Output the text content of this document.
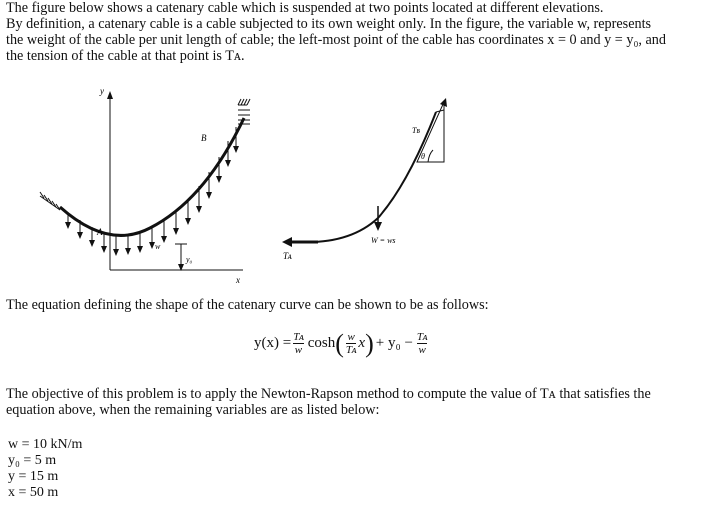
The figure below shows a catenary cable which is suspended at two points located at different elevations.
By definition, a catenary cable is a cable subjected to its own weight only. In the figure, the variable w, represents
the weight of the cable per unit length of cable; the left-most point of the cable has coordinates x = 0 and y = y₀, and
the tension of the cable at that point is Tᴀ.
y
x
A
B
w
y₀	Tᴀ
W = ws
Tʙ
θ
The equation defining the shape of the catenary curve can be shown to be as follows:
$y(x) = \frac{\text{Tᴀ}}{w}$ cosh ( $\frac{w}{\text{Tᴀ}}$ x ) + $y_0 - \frac{\text{Tᴀ}}{w}$
The objective of this problem is to apply the Newton-Rapson method to compute the value of Tᴀ that satisfies the
equation above, when the remaining variables are as listed below:
w = 10 kN/m
y₀ = 5 m
y = 15 m
x = 50 m
